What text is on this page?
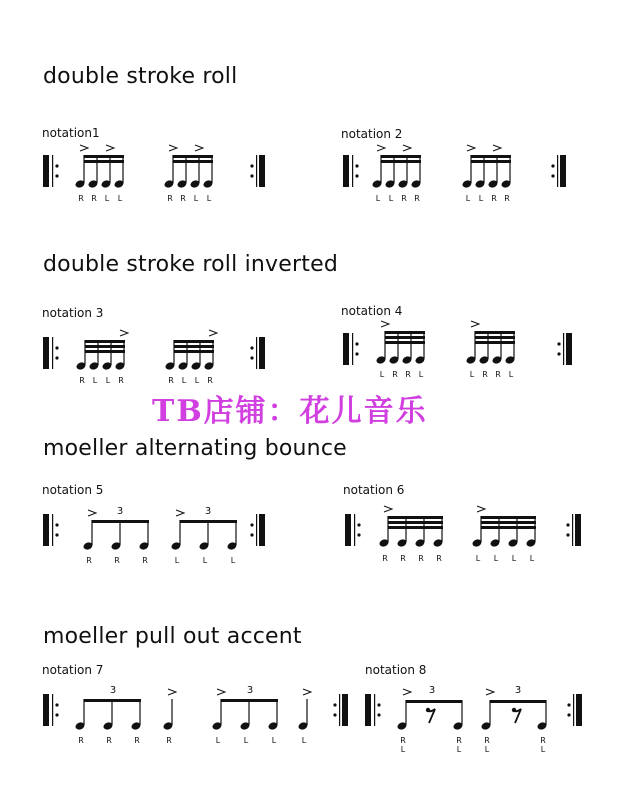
double stroke roll
double stroke roll inverted
moeller alternating bounce
moeller pull out accent
notation1	notation 2
notation 3	notation 4
notation 5	notation 6
notation 7	notation 8
TB店铺：花儿音乐
R R L L	R R L L	L L R R	L L R R
R L L R	R L L R
L R R L	L R R L
R	R	R
3
L	L	L
3
R R R R	L L L L
R	R	R
3
R	L	L	L
3
L
3
R
L
R
L
3
R
L
R
L
